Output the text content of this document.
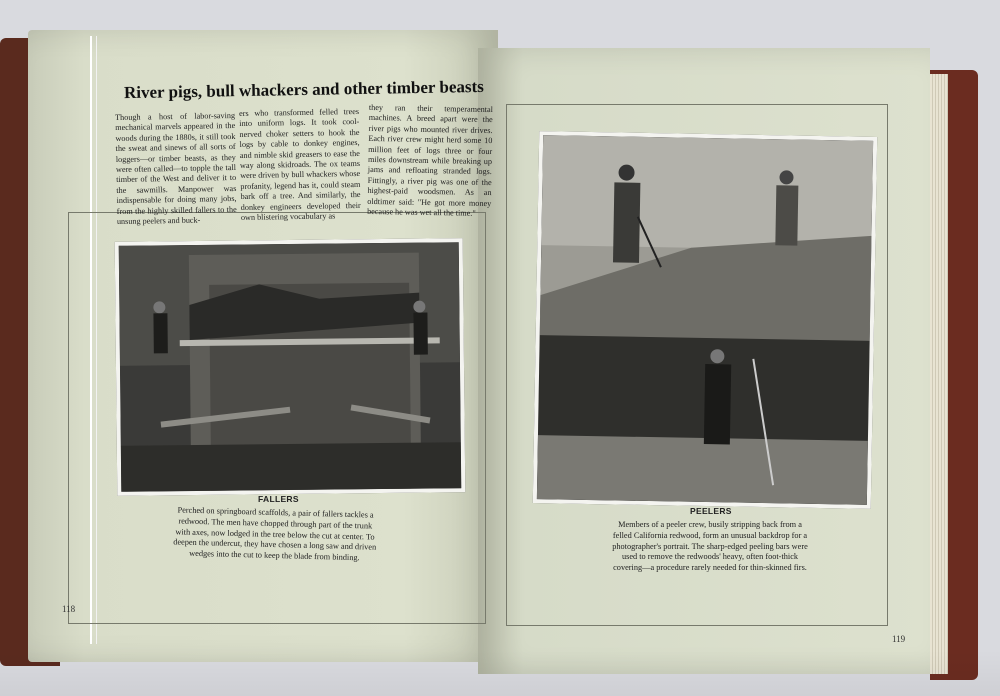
River pigs, bull whackers and other timber beasts
Though a host of labor-saving mechanical marvels appeared in the woods during the 1880s, it still took the sweat and sinews of all sorts of loggers—or timber beasts, as they were often called—to topple the tall timber of the West and deliver it to the sawmills. Manpower was indispensable for doing many jobs, from the highly skilled fallers to the unsung peelers and buck-
ers who transformed felled trees into uniform logs. It took cool-nerved choker setters to hook the logs by cable to donkey engines, and nimble skid greasers to ease the way along skidroads. The ox teams were driven by bull whackers whose profanity, legend has it, could steam bark off a tree. And similarly, the donkey engineers developed their own blistering vocabulary as
they ran their temperamental machines. A breed apart were the river pigs who mounted river drives. Each river crew might herd some 10 million feet of logs three or four miles downstream while breaking up jams and refloating stranded logs. Fittingly, a river pig was one of the highest-paid woodsmen. As an oldtimer said: "He got more money because he was wet all the time."
FALLERS
Perched on springboard scaffolds, a pair of fallers tackles a redwood. The men have chopped through part of the trunk with axes, now lodged in the tree below the cut at center. To deepen the undercut, they have chosen a long saw and driven wedges into the cut to keep the blade from binding.
PEELERS
Members of a peeler crew, busily stripping back from a felled California redwood, form an unusual backdrop for a photographer's portrait. The sharp-edged peeling bars were used to remove the redwoods' heavy, often foot-thick covering—a procedure rarely needed for thin-skinned firs.
118
119
